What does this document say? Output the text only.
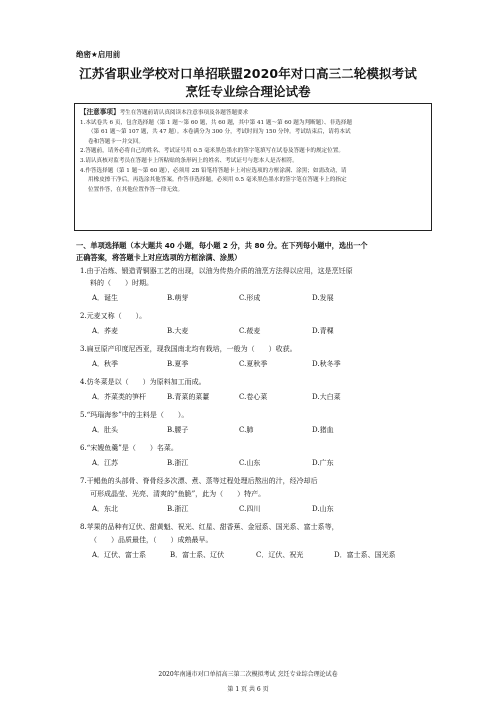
绝密★启用前
江苏省职业学校对口单招联盟2020年对口高三二轮模拟考试
烹饪专业综合理论试卷
【注意事项】考生在答题前请认真阅读本注意事项及各题答题要求
1.本试卷共 6 页，包含选择题（第 1 题～第 60 题，共 60 题，其中第 41 题～第 60 题为判断题）、非选择题
（第 61 题～第 107 题，共 47 题）。本卷满分为 300 分，考试时间为 150 分钟。考试结束后，请将本试
卷和答题卡一并交回。
2.答题前，请务必将自己的姓名、考试证号用 0.5 毫米黑色墨水的签字笔填写在试卷及答题卡的规定位置。
3.请认真核对监考员在答题卡上所粘贴的条形码上的姓名、考试证号与您本人是否相符。
4.作答选择题（第 1 题～第 60 题），必须用 2B 铅笔将答题卡上对应选项的方框涂满、涂黑；如需改动，请
用橡皮擦干净后，再选涂其他答案。作答非选择题，必须用 0.5 毫米黑色墨水的签字笔在答题卡上的指定
位置作答，在其他位置作答一律无效。
一、单项选择题（本大题共 40 小题，每小题 2 分，共 80 分。在下列每小题中，选出一个
正确答案，将答题卡上对应选项的方框涂满、涂黑）
1.由于冶炼、锻造青铜器工艺的出现，以油为传热介质的油烹方法得以应用，这是烹饪原
料的（　　）时期。
A．诞生	B.萌芽	C.形成	D.发展
2.元麦又称（　　）。
A．荞麦	B.大麦	C.莜麦	D.青稞
3.扁豆原产印度尼西亚，现我国南北均有栽培，一般为（　　）收获。
A．秋季	B.夏季	C.夏秋季	D.秋冬季
4.仿冬菜是以（　　）为原料加工而成。
A．芥菜类的笋杆	B.青菜的菜薹	C.卷心菜	D.大白菜
5.“玛瑙海参”中的主料是（　　）。
A．肚头	B.腰子	C.肺	D.猪血
6.“宋嫂鱼羹”是（　　）名菜。
A．江苏	B.浙江	C.山东	D.广东
7.干鲳鱼的头部骨、脊骨经多次漂、煮、蒸等过程处理后熬出的汁，经冷却后
可形成晶莹、光亮、清爽的“鱼脆”，此为（　　）特产。
A．东北	B.浙江	C.四川	D.山东
8.苹果的品种有辽伏、甜黄魁、祝光、红星、甜香蕉、金冠系、国光系、富士系等，
（　　）品质最佳，（　　）成熟最早。
A．辽伏、富士系	B．富士系、辽伏	C．辽伏、祝光	D．富士系、国光系
2020年南通市对口单招高三第二次模拟考试 烹饪专业综合理论试卷
第 1 页 共 6 页
